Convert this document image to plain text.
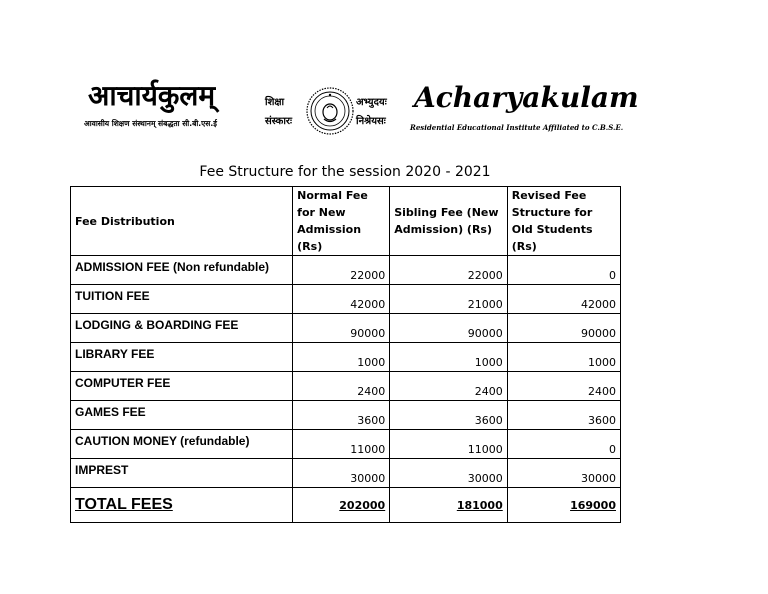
आचार्यकुलम्
आवासीय शिक्षण संस्थानम् संबद्धता सी.बी.एस.ई
शिक्षा
संस्कारः
अभ्युदयः
निश्रेयसः
Acharyakulam
Residential Educational Institute Affiliated to C.B.S.E.
Fee Structure for the session 2020 - 2021
Fee Distribution	Normal Fee for New Admission (Rs)	Sibling Fee (New Admission) (Rs)	Revised Fee Structure for Old Students (Rs)
ADMISSION FEE (Non refundable)	22000	22000	0
TUITION FEE	42000	21000	42000
LODGING & BOARDING FEE	90000	90000	90000
LIBRARY FEE	1000	1000	1000
COMPUTER FEE	2400	2400	2400
GAMES FEE	3600	3600	3600
CAUTION MONEY (refundable)	11000	11000	0
IMPREST	30000	30000	30000
TOTAL FEES	202000	181000	169000
